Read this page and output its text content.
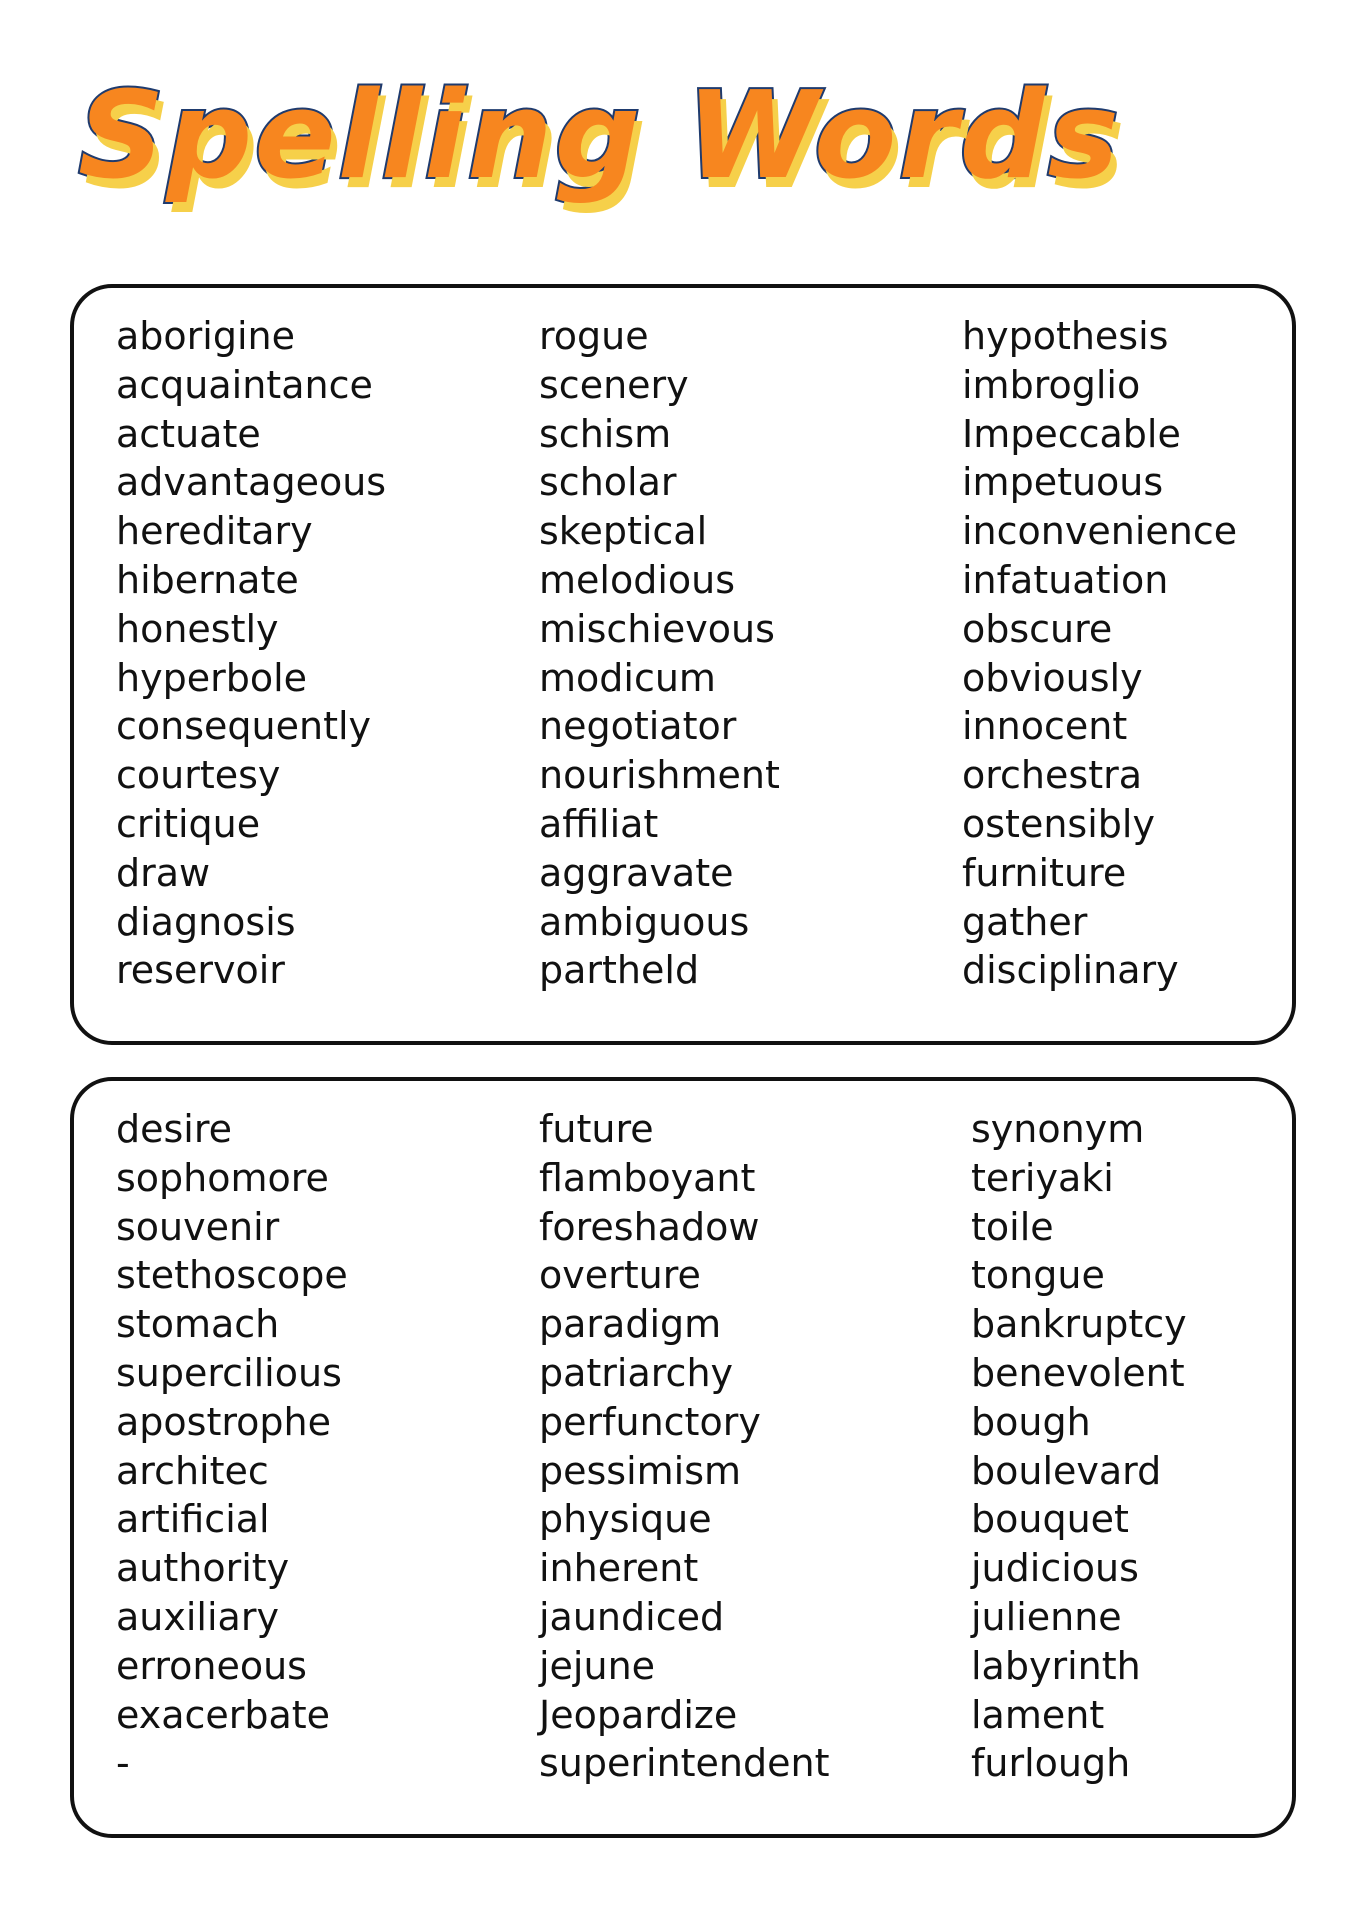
Spelling Words
aborigine
acquaintance
actuate
advantageous
hereditary
hibernate
honestly
hyperbole
consequently
courtesy
critique
draw
diagnosis
reservoir
rogue
scenery
schism
scholar
skeptical
melodious
mischievous
modicum
negotiator
nourishment
affiliat
aggravate
ambiguous
partheld
hypothesis
imbroglio
Impeccable
impetuous
inconvenience
infatuation
obscure
obviously
innocent
orchestra
ostensibly
furniture
gather
disciplinary
desire
sophomore
souvenir
stethoscope
stomach
supercilious
apostrophe
architec
artificial
authority
auxiliary
erroneous
exacerbate
-
future
flamboyant
foreshadow
overture
paradigm
patriarchy
perfunctory
pessimism
physique
inherent
jaundiced
jejune
Jeopardize
superintendent
synonym
teriyaki
toile
tongue
bankruptcy
benevolent
bough
boulevard
bouquet
judicious
julienne
labyrinth
lament
furlough
